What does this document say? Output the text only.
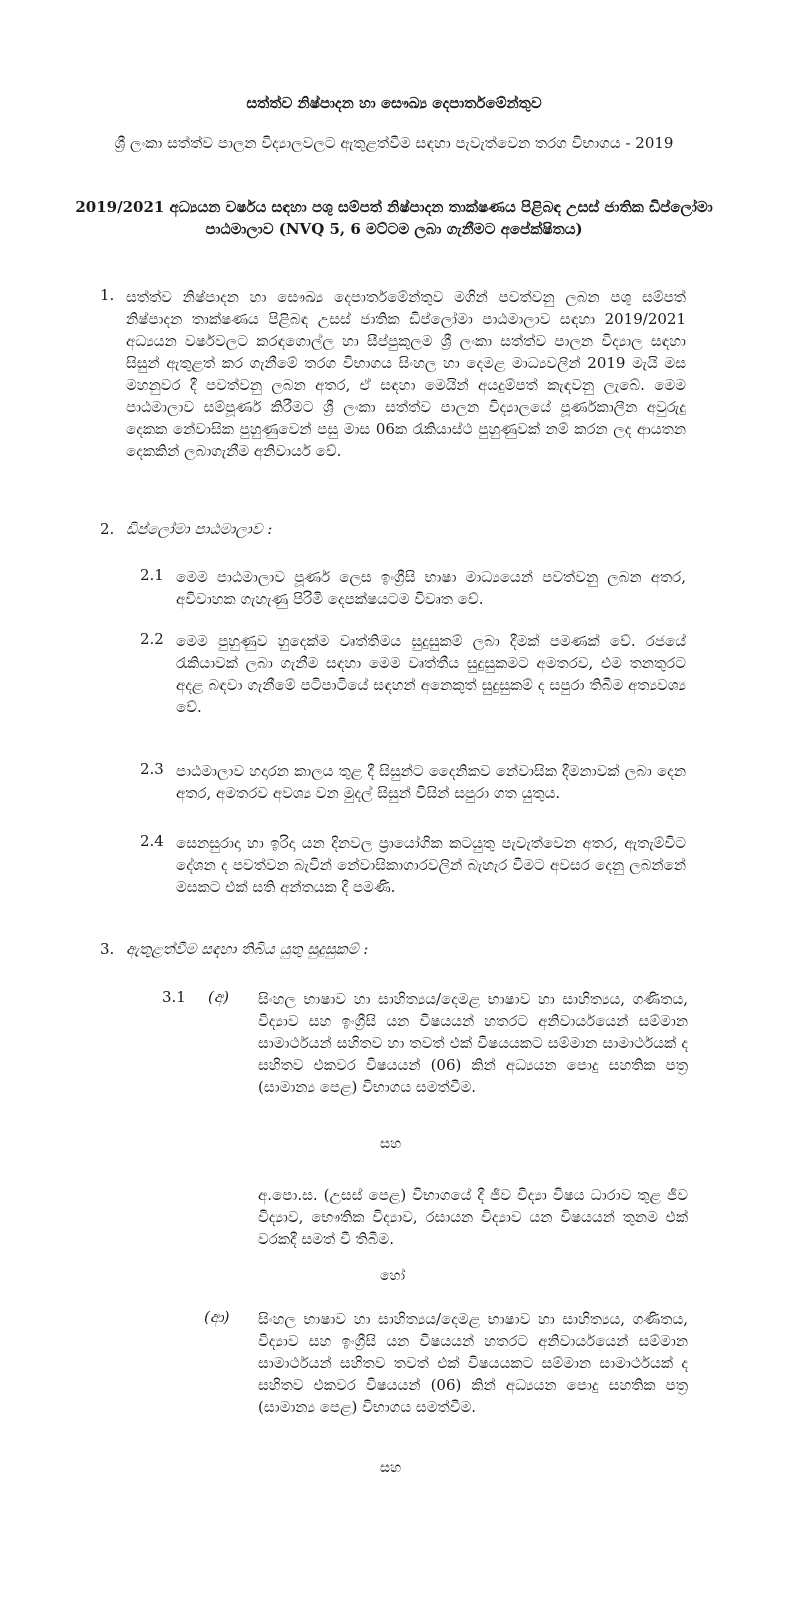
සත්ත්ව නිෂ්පාදන හා සෞඛ්‍ය දෙපාර්තමේන්තුව
ශ්‍රී ලංකා සත්ත්ව පාලන විද්‍යාලවලට ඇතුළත්වීම සඳහා පැවැත්වෙන තරග විභාගය - 2019
2019/2021 අධ්‍යයන වර්ෂය සඳහා පශු සම්පත් නිෂ්පාදන තාක්ෂණය පිළිබඳ උසස් ජාතික ඩිප්ලෝමා පාඨමාලාව (NVQ 5, 6 මට්ටම ලබා ගැනීමට අපේක්ෂිතය)
1. සත්ත්ව නිෂ්පාදන හා සෞඛ්‍ය දෙපාර්තමේන්තුව මගින් පවත්වනු ලබන පශු සම්පත් නිෂ්පාදන තාක්ෂණය පිළිබඳ උසස් ජාතික ඩිප්ලෝමා පාඨමාලාව සඳහා 2019/2021 අධ්‍යයන වර්ෂවලට කරඳගොල්ල හා සීප්පුකුලම ශ්‍රී ලංකා සත්ත්ව පාලන විද්‍යාල සඳහා සිසුන් ඇතුළත් කර ගැනීමේ තරග විභාගය සිංහල හා දෙමළ මාධ්‍යවලින් 2019 මැයි මස මහනුවර දී පවත්වනු ලබන අතර, ඒ සඳහා මෙයින් අයදුම්පත් කැඳවනු ලැබේ. මෙම පාඨමාලාව සම්පූර්ණ කිරීමට ශ්‍රී ලංකා සත්ත්ව පාලන විද්‍යාලයේ පූර්ණකාලීන අවුරුදු දෙකක නේවාසික පුහුණුවෙන් පසු මාස 06ක රැකියාස්ථ පුහුණුවක් නම් කරන ලද ආයතන දෙකකින් ලබාගැනීම අනිවාර්ය වේ.
2. ඩිප්ලෝමා පාඨමාලාව :
2.1 මෙම පාඨමාලාව පූර්ණ ලෙස ඉංග්‍රීසි භාෂා මාධ්‍යයෙන් පවත්වනු ලබන අතර, අවිවාහක ගැහැණු පිරිමි දෙපක්ෂයටම විවෘත වේ.
2.2 මෙම පුහුණුව හුදෙක්ම වෘත්තිමය සුදුසුකම් ලබා දීමක් පමණක් වේ. රජයේ රැකියාවක් ලබා ගැනීම සඳහා මෙම වෘත්තීය සුදුසුකමට අමතරව, එම තනතුරට අදළ බඳවා ගැනීමේ පටිපාටියේ සඳහන් අනෙකුත් සුදුසුකම් ද සපුරා තිබීම අත්‍යවශ්‍ය වේ.
2.3 පාඨමාලාව හදාරන කාලය තුළ දී සිසුන්ට දෛනිකව නේවාසික දීමනාවක් ලබා දෙන අතර, අමතරව අවශ්‍ය වන මුදල් සිසුන් විසින් සපුරා ගත යුතුය.
2.4 සෙනසුරාදා හා ඉරිදා යන දිනවල ප්‍රායෝගික කටයුතු පැවැත්වෙන අතර, ඇතැම්විට දේශන ද පවත්වන බැවින් නේවාසිකාගාරවලින් බැහැර වීමට අවසර දෙනු ලබන්නේ මසකට එක් සති අන්තයක දී පමණි.
3. ඇතුළත්වීම සඳහා තිබිය යුතු සුදුසුකම් :
3.1 (අ) සිංහල භාෂාව හා සාහිත්‍යය/දෙමළ භාෂාව හා සාහිත්‍යය, ගණිතය, විද්‍යාව සහ ඉංග්‍රීසි යන විෂයයන් හතරට අනිවාර්යයෙන් සම්මාන සාමාර්ථයන් සහිතව හා තවත් එක් විෂයයකට සම්මාන සාමාර්ථයක් ද සහිතව එකවර විෂයයන් (06) කින් අධ්‍යයන පොදු සහතික පත්‍ර (සාමාන්‍ය පෙළ) විභාගය සමත්වීම.
සහ
අ.පො.ස. (උසස් පෙළ) විභාගයේ දී ජීව විද්‍යා විෂය ධාරාව තුළ ජීව විද්‍යාව, භෞතික විද්‍යාව, රසායන විද්‍යාව යන විෂයයන් තුනම එක් වරකදී සමත් වී තිබීම.
හෝ
(ආ) සිංහල භාෂාව හා සාහිත්‍යය/දෙමළ භාෂාව හා සාහිත්‍යය, ගණිතය, විද්‍යාව සහ ඉංග්‍රීසි යන විෂයයන් හතරට අනිවාර්යයෙන් සම්මාන සාමාර්ථයන් සහිතව තවත් එක් විෂයයකට සම්මාන සාමාර්ථයක් ද සහිතව එකවර විෂයයන් (06) කින් අධ්‍යයන පොදු සහතික පත්‍ර (සාමාන්‍ය පෙළ) විභාගය සමත්වීම.
සහ
